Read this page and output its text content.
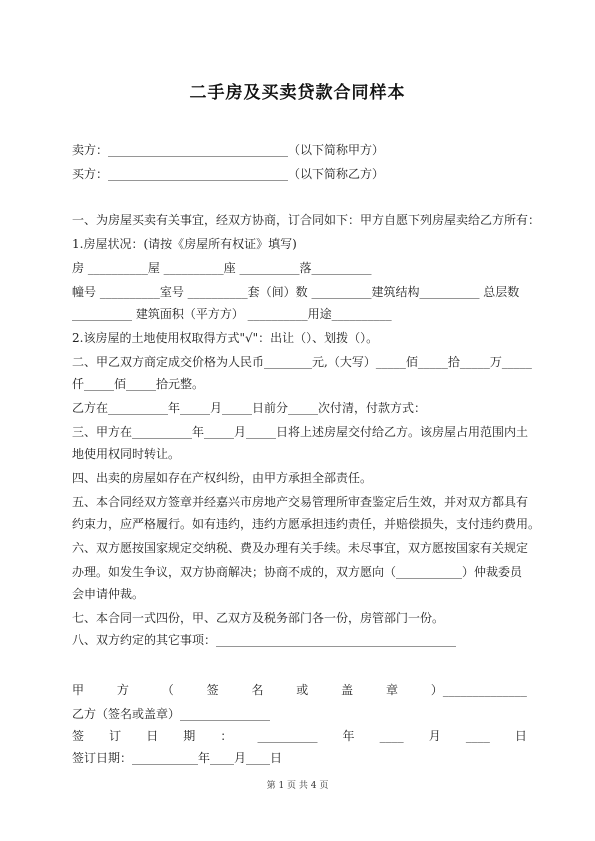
二手房及买卖贷款合同样本
卖方：______________________________（以下简称甲方）
买方：______________________________（以下简称乙方）
一、为房屋买卖有关事宜，经双方协商，订合同如下：甲方自愿下列房屋卖给乙方所有：
1.房屋状况：(请按《房屋所有权证》填写)
房 __________屋 __________座 __________落__________
幢号 __________室号 __________套（间）数 __________建筑结构__________ 总层数
__________ 建筑面积（平方方） __________用途__________
2.该房屋的土地使用权取得方式"√"：出让（）、划拨（）。
二、甲乙双方商定成交价格为人民币________元,（大写）_____佰_____拾_____万_____
仟_____佰_____拾元整。
乙方在__________年_____月_____日前分_____次付清，付款方式：
三、甲方在__________年_____月_____日将上述房屋交付给乙方。该房屋占用范围内土
地使用权同时转让。
四、出卖的房屋如存在产权纠纷，由甲方承担全部责任。
五、本合同经双方签章并经嘉兴市房地产交易管理所审查鉴定后生效，并对双方都具有
约束力，应严格履行。如有违约，违约方愿承担违约责任，并赔偿损失，支付违约费用。
六、双方愿按国家规定交纳税、费及办理有关手续。未尽事宜，双方愿按国家有关规定
办理。如发生争议，双方协商解决；协商不成的，双方愿向（___________）仲裁委员
会申请仲裁。
七、本合同一式四份，甲、乙双方及税务部门各一份，房管部门一份。
八、双方约定的其它事项：________________________________________
甲	方	（	签	名	或	盖	章	）______________
乙方（签名或盖章）_______________
签 订 日 期 ： __________ 年 ____ 月 ____ 日
签订日期：___________年____月____日
第 1 页 共 4 页
